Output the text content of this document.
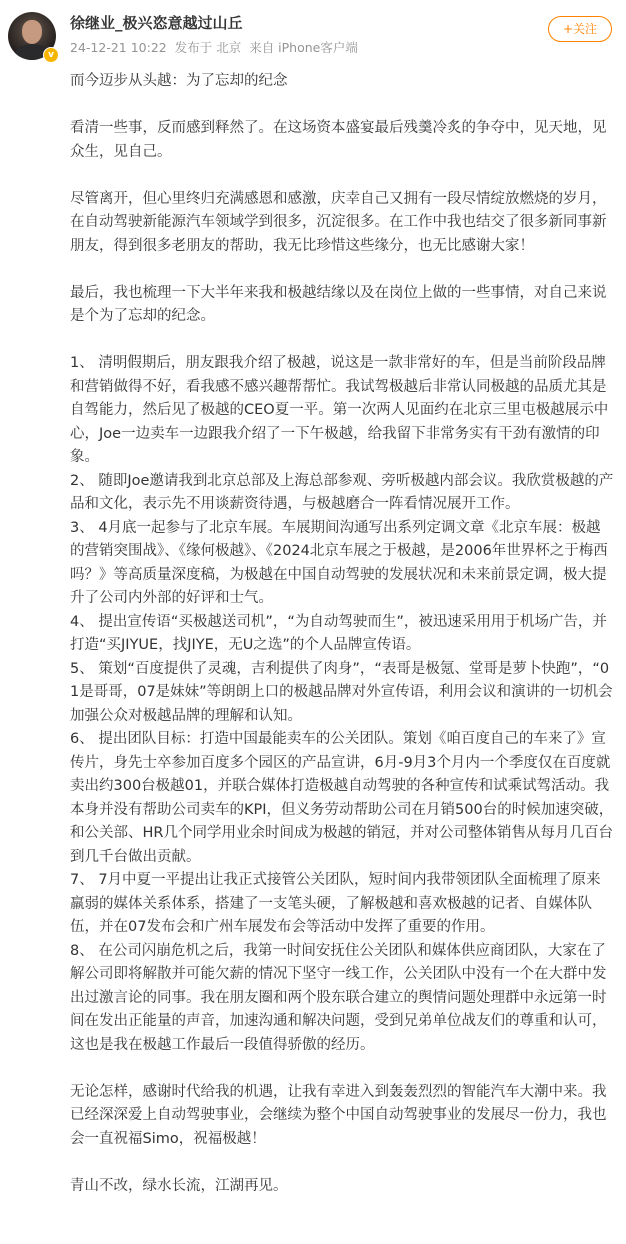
v
徐继业_极兴恣意越过山丘
24-12-21 10:22 发布于 北京 来自 iPhone客户端
+关注

而今迈步从头越：为了忘却的纪念

看清一些事，反而感到释然了。在这场资本盛宴最后残羹冷炙的争夺中，见天地，见众生，见自己。

尽管离开，但心里终归充满感恩和感激，庆幸自己又拥有一段尽情绽放燃烧的岁月，在自动驾驶新能源汽车领域学到很多，沉淀很多。在工作中我也结交了很多新同事新朋友，得到很多老朋友的帮助，我无比珍惜这些缘分，也无比感谢大家！

最后，我也梳理一下大半年来我和极越结缘以及在岗位上做的一些事情，对自己来说是个为了忘却的纪念。

1、 清明假期后，朋友跟我介绍了极越，说这是一款非常好的车，但是当前阶段品牌和营销做得不好，看我感不感兴趣帮帮忙。我试驾极越后非常认同极越的品质尤其是自驾能力，然后见了极越的CEO夏一平。第一次两人见面约在北京三里屯极越展示中心，Joe一边卖车一边跟我介绍了一下午极越，给我留下非常务实有干劲有激情的印象。

2、 随即Joe邀请我到北京总部及上海总部参观、旁听极越内部会议。我欣赏极越的产品和文化，表示先不用谈薪资待遇，与极越磨合一阵看情况展开工作。

3、 4月底一起参与了北京车展。车展期间沟通写出系列定调文章《北京车展：极越的营销突围战》、《缘何极越》、《2024北京车展之于极越，是2006年世界杯之于梅西吗？》等高质量深度稿，为极越在中国自动驾驶的发展状况和未来前景定调，极大提升了公司内外部的好评和士气。

4、 提出宣传语“买极越送司机”，“为自动驾驶而生”，被迅速采用用于机场广告，并打造“买JIYUE，找JIYE，无U之选”的个人品牌宣传语。

5、 策划“百度提供了灵魂，吉利提供了肉身”，“表哥是极氪、堂哥是萝卜快跑”，“01是哥哥，07是妹妹”等朗朗上口的极越品牌对外宣传语，利用会议和演讲的一切机会加强公众对极越品牌的理解和认知。

6、 提出团队目标：打造中国最能卖车的公关团队。策划《咱百度自己的车来了》宣传片，身先士卒参加百度多个园区的产品宣讲，6月-9月3个月内一个季度仅在百度就卖出约300台极越01，并联合媒体打造极越自动驾驶的各种宣传和试乘试驾活动。我本身并没有帮助公司卖车的KPI，但义务劳动帮助公司在月销500台的时候加速突破，和公关部、HR几个同学用业余时间成为极越的销冠，并对公司整体销售从每月几百台到几千台做出贡献。

7、 7月中夏一平提出让我正式接管公关团队，短时间内我带领团队全面梳理了原来羸弱的媒体关系体系，搭建了一支笔头硬，了解极越和喜欢极越的记者、自媒体队伍，并在07发布会和广州车展发布会等活动中发挥了重要的作用。

8、 在公司闪崩危机之后，我第一时间安抚住公关团队和媒体供应商团队，大家在了解公司即将解散并可能欠薪的情况下坚守一线工作，公关团队中没有一个在大群中发出过激言论的同事。我在朋友圈和两个股东联合建立的舆情问题处理群中永远第一时间在发出正能量的声音，加速沟通和解决问题，受到兄弟单位战友们的尊重和认可，这也是我在极越工作最后一段值得骄傲的经历。

无论怎样，感谢时代给我的机遇，让我有幸进入到轰轰烈烈的智能汽车大潮中来。我已经深深爱上自动驾驶事业，会继续为整个中国自动驾驶事业的发展尽一份力，我也会一直祝福Simo，祝福极越！

青山不改，绿水长流，江湖再见。
